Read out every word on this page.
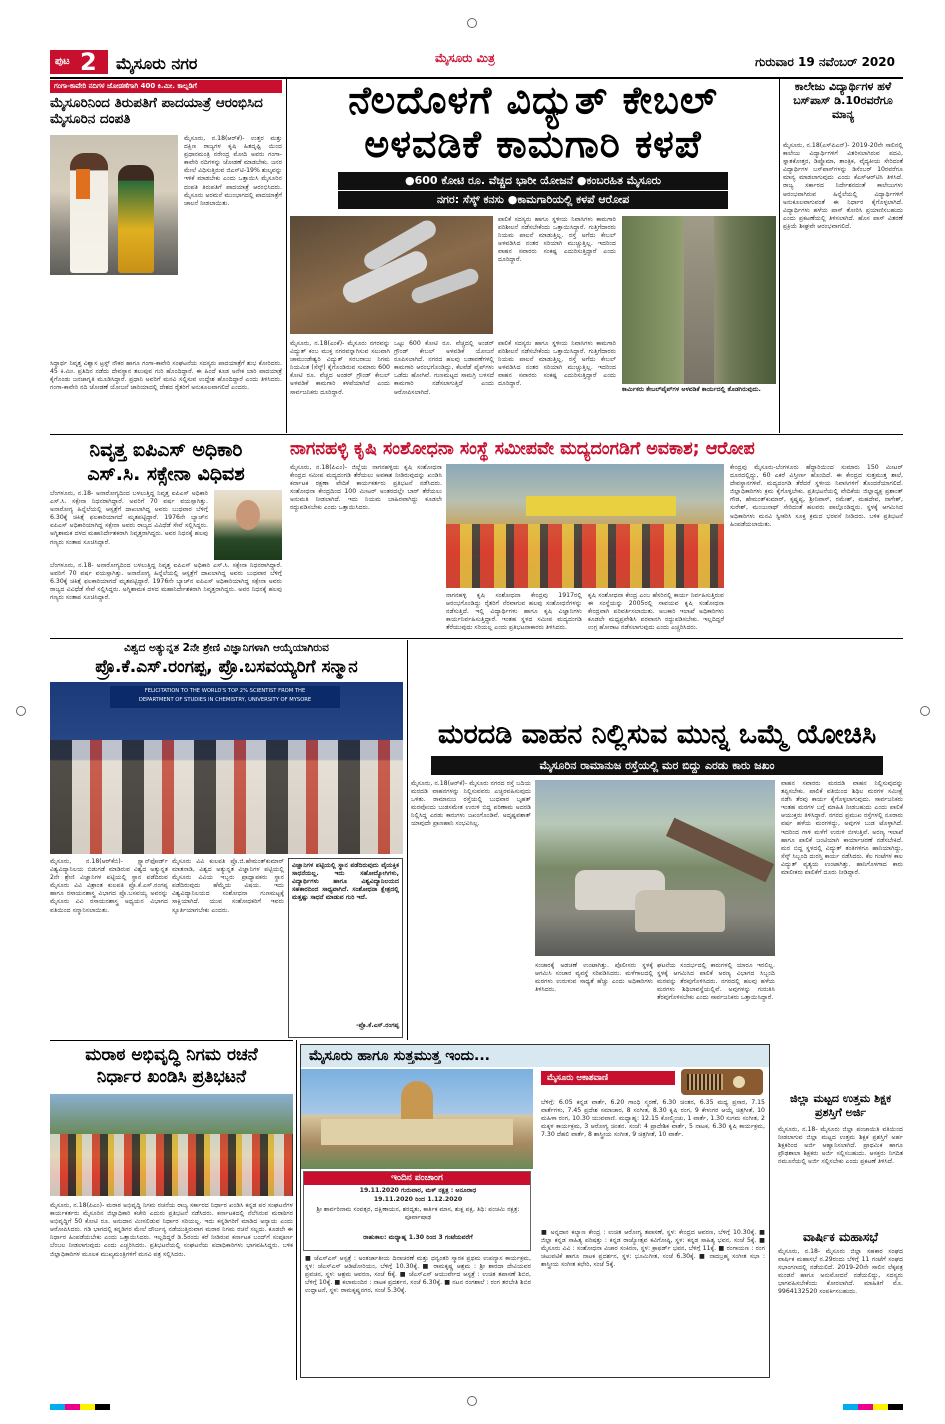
ಪುಟ 2 ಮೈಸೂರು ನಗರ	ಮೈಸೂರು ಮಿತ್ರ	ಗುರುವಾರ 19 ನವೆಂಬರ್ 2020
ಗಂಗಾ-ಕಾವೇರಿ ನದಿಗಳ ಜೋಡಣೆಗಾಗಿ 400 ಕಿ.ಮೀ. ಕಾಲ್ನಡಿಗೆ
ಮೈಸೂರಿನಿಂದ ತಿರುಪತಿಗೆ ಪಾದಯಾತ್ರೆ ಆರಂಭಿಸಿದ ಮೈಸೂರಿನ ದಂಪತಿ
ಮೈಸೂರು, ನ.18(ಆರ್‌ಕೆ)- ಉತ್ತರ ಮತ್ತು ದಕ್ಷಿಣ ರಾಜ್ಯಗಳ ಕೃಷಿ ಹಿತದೃಷ್ಟಿ ಯಿಂದ ಪ್ರಧಾನಮಂತ್ರಿ ನರೇಂದ್ರ ಮೋದಿ ಅವರು ಗಂಗಾ-ಕಾವೇರಿ ನದಿಗಳನ್ನು ಜೋಡಣೆ ಮಾಡಬೇಕು. ಜನರ ಮೇಲೆ ವಿಧಿಸುತ್ತಿರುವ ಜಿಎಸ್‌ಟಿ-19% ಶುಲ್ಕವನ್ನು ಇಳಿಕೆ ಮಾಡಬೇಕು ಎಂದು ಒತ್ತಾಯಿಸಿ ಮೈಸೂರಿನ ದಂಪತಿ ತಿರುಪತಿಗೆ ಪಾದಯಾತ್ರೆ ಆರಂಭಿಸಿದರು. ಮೈಸೂರು ಅರಮನೆ ಮುಂಭಾಗದಲ್ಲಿ ಪಾದಯಾತ್ರೆಗೆ ಚಾಲನೆ ನೀಡಲಾಯಿತು.
ಸಿದ್ದಾರ್ಥ ನಿವೃತ್ತ ವಿಶ್ವಾಸ ಟ್ರಸ್ಟ್ ನೌಕರ ಹಾಗೂ ಗಂಗಾ-ಕಾವೇರಿ ಸಂಘಟನೆಯ ಸದಸ್ಯರು ಪಾದಯಾತ್ರೆಗೆ ಶುಭ ಕೋರಿದರು. 45 ಕಿ.ಮೀ. ಪ್ರತಿದಿನ ನಡೆದು ದೇವಸ್ಥಾನ ತಲುಪುವ ಗುರಿ ಹೊಂದಿದ್ದಾರೆ. ಈ ಹಿಂದೆ ಕೂಡ ಅನೇಕ ಬಾರಿ ಪಾದಯಾತ್ರೆ ಕೈಗೊಂಡು ಜನಜಾಗೃತಿ ಮೂಡಿಸಿದ್ದಾರೆ. ಪ್ರಧಾನಿ ಅವರಿಗೆ ಮನವಿ ಸಲ್ಲಿಸುವ ಉದ್ದೇಶ ಹೊಂದಿದ್ದಾರೆ ಎಂದು ತಿಳಿಸಿದರು. ಗಂಗಾ-ಕಾವೇರಿ ನದಿ ಜೋಡಣೆ ಯೋಜನೆ ಜಾರಿಯಾದಲ್ಲಿ ದೇಶದ ರೈತರಿಗೆ ಅನುಕೂಲವಾಗಲಿದೆ ಎಂದರು.
ನೆಲದೊಳಗೆ ವಿದ್ಯುತ್ ಕೇಬಲ್
ಅಳವಡಿಕೆ ಕಾಮಗಾರಿ ಕಳಪೆ
●600 ಕೋಟಿ ರೂ. ವೆಚ್ಚದ ಭಾರೀ ಯೋಜನೆ ●ಕಂಬರಹಿತ ಮೈಸೂರು
ನಗರ: ಸೆಸ್ಕ್ ಕನಸು ●ಕಾಮಗಾರಿಯಲ್ಲಿ ಕಳಪೆ ಆರೋಪ
ಪಾಲಿಕೆ ಸದಸ್ಯರು ಹಾಗೂ ಸ್ಥಳೀಯ ನಿವಾಸಿಗಳು ಕಾಮಗಾರಿ ಪರಿಶೀಲನೆ ನಡೆಸಬೇಕೆಂದು ಒತ್ತಾಯಿಸಿದ್ದಾರೆ. ಗುತ್ತಿಗೆದಾರರು ನಿಯಮ ಪಾಲನೆ ಮಾಡುತ್ತಿಲ್ಲ. ರಸ್ತೆ ಅಗೆದು ಕೇಬಲ್ ಅಳವಡಿಸಿದ ನಂತರ ಸರಿಯಾಗಿ ಮುಚ್ಚುತ್ತಿಲ್ಲ. ಇದರಿಂದ ವಾಹನ ಸವಾರರು ಸಂಕಷ್ಟ ಎದುರಿಸುತ್ತಿದ್ದಾರೆ ಎಂದು ದೂರಿದ್ದಾರೆ.
ಮೈಸೂರು, ನ.18(ಎಂಕೆ)- ಮೈಸೂರು ನಗರವನ್ನು ವಿದ್ಯುತ್ ಕಂಬ ಮುಕ್ತ ನಗರವನ್ನಾಗಿಸುವ ಸಲುವಾಗಿ ಚಾಮುಂಡೇಶ್ವರಿ ವಿದ್ಯುತ್ ಸರಬರಾಜು ನಿಗಮ ನಿಯಮಿತ (ಸೆಸ್ಕ್) ಕೈಗೊಂಡಿರುವ ಸುಮಾರು 600 ಕೋಟಿ ರೂ. ವೆಚ್ಚದ ಅಂಡರ್ ಗ್ರೌಂಡ್ ಕೇಬಲ್ ಅಳವಡಿಕೆ ಕಾಮಗಾರಿ ಕಳಪೆಯಾಗಿದೆ ಎಂದು ಸಾರ್ವಜನಿಕರು ದೂರಿದ್ದಾರೆ.
ಒಟ್ಟು 600 ಕೋಟಿ ರೂ. ವೆಚ್ಚದಲ್ಲಿ ಅಂಡರ್ ಗ್ರೌಂಡ್ ಕೇಬಲ್ ಅಳವಡಿಕೆ ಯೋಜನೆ ರೂಪಿಸಲಾಗಿದೆ. ನಗರದ ಹಲವು ಬಡಾವಣೆಗಳಲ್ಲಿ ಕಾಮಗಾರಿ ಆರಂಭಗೊಂಡಿದ್ದು, ಕೆಲವೆಡೆ ಪೈಪ್‌ಗಳು ಒಡೆದು ಹೋಗಿವೆ. ಗುಣಮಟ್ಟದ ಸಾಮಗ್ರಿ ಬಳಸದೆ ಕಾಮಗಾರಿ ನಡೆಸಲಾಗುತ್ತಿದೆ ಎಂದು ಆರೋಪಿಸಲಾಗಿದೆ.
ಪಾಲಿಕೆ ಸದಸ್ಯರು ಹಾಗೂ ಸ್ಥಳೀಯ ನಿವಾಸಿಗಳು ಕಾಮಗಾರಿ ಪರಿಶೀಲನೆ ನಡೆಸಬೇಕೆಂದು ಒತ್ತಾಯಿಸಿದ್ದಾರೆ. ಗುತ್ತಿಗೆದಾರರು ನಿಯಮ ಪಾಲನೆ ಮಾಡುತ್ತಿಲ್ಲ. ರಸ್ತೆ ಅಗೆದು ಕೇಬಲ್ ಅಳವಡಿಸಿದ ನಂತರ ಸರಿಯಾಗಿ ಮುಚ್ಚುತ್ತಿಲ್ಲ. ಇದರಿಂದ ವಾಹನ ಸವಾರರು ಸಂಕಷ್ಟ ಎದುರಿಸುತ್ತಿದ್ದಾರೆ ಎಂದು ದೂರಿದ್ದಾರೆ.
ಕಾರ್ಮಿಕರು ಕೇಬಲ್‌ಪೈಪ್‌ಗಳ ಅಳವಡಿಕೆ ಕಾರ್ಯದಲ್ಲಿ ತೊಡಗಿರುವುದು.
ಕಾಲೇಜು ವಿದ್ಯಾರ್ಥಿಗಳ ಹಳೆ ಬಸ್‌ಪಾಸ್ ಡಿ.10ರವರೆಗೂ ಮಾನ್ಯ
ಮೈಸೂರು, ನ.18(ಎಸ್‌ಪಿಎನ್)- 2019-20ನೇ ಸಾಲಿನಲ್ಲಿ ಕಾಲೇಜು ವಿದ್ಯಾರ್ಥಿಗಳಿಗೆ ವಿತರಿಸಲಾಗಿರುವ ಪದವಿ, ಸ್ನಾತಕೋತ್ತರ, ಡಿಪ್ಲೊಮಾ, ತಾಂತ್ರಿಕ, ವೈದ್ಯಕೀಯ ಸೇರಿದಂತೆ ವಿದ್ಯಾರ್ಥಿಗಳ ಬಸ್‌ಪಾಸ್‌ಗಳನ್ನು ಡಿಸೆಂಬರ್ 10ರವರೆಗೂ ಮಾನ್ಯ ಮಾಡಲಾಗುವುದು ಎಂದು ಕೆಎಸ್‌ಆರ್‌ಟಿಸಿ ತಿಳಿಸಿದೆ. ರಾಜ್ಯ ಸರ್ಕಾರದ ನಿರ್ದೇಶನದಂತೆ ಕಾಲೇಜುಗಳು ಆರಂಭವಾಗಿರುವ ಹಿನ್ನೆಲೆಯಲ್ಲಿ ವಿದ್ಯಾರ್ಥಿಗಳಿಗೆ ಅನುಕೂಲವಾಗುವಂತೆ ಈ ನಿರ್ಧಾರ ಕೈಗೊಳ್ಳಲಾಗಿದೆ. ವಿದ್ಯಾರ್ಥಿಗಳು ಹಳೆಯ ಪಾಸ್ ತೋರಿಸಿ ಪ್ರಯಾಣಿಸಬಹುದು ಎಂದು ಪ್ರಕಟಣೆಯಲ್ಲಿ ತಿಳಿಸಲಾಗಿದೆ. ಹೊಸ ಪಾಸ್ ವಿತರಣೆ ಪ್ರಕ್ರಿಯೆ ಶೀಘ್ರವೇ ಆರಂಭವಾಗಲಿದೆ.
ನಿವೃತ್ತ ಐಪಿಎಸ್ ಅಧಿಕಾರಿ
ಎಸ್.ಸಿ. ಸಕ್ಸೇನಾ ವಿಧಿವಶ
ಬೆಂಗಳೂರು, ನ.18- ಅನಾರೋಗ್ಯದಿಂದ ಬಳಲುತ್ತಿದ್ದ ನಿವೃತ್ತ ಐಪಿಎಸ್ ಅಧಿಕಾರಿ ಎಸ್.ಸಿ. ಸಕ್ಸೇನಾ ನಿಧನರಾಗಿದ್ದಾರೆ. ಅವರಿಗೆ 70 ವರ್ಷ ವಯಸ್ಸಾಗಿತ್ತು. ಅನಾರೋಗ್ಯ ಹಿನ್ನೆಲೆಯಲ್ಲಿ ಆಸ್ಪತ್ರೆಗೆ ದಾಖಲಾಗಿದ್ದ ಅವರು ಬುಧವಾರ ಬೆಳಿಗ್ಗೆ 6.30ಕ್ಕೆ ಚಿಕಿತ್ಸೆ ಫಲಕಾರಿಯಾಗದೆ ಮೃತಪಟ್ಟಿದ್ದಾರೆ. 1976ನೇ ಬ್ಯಾಚ್‌ನ ಐಪಿಎಸ್ ಅಧಿಕಾರಿಯಾಗಿದ್ದ ಸಕ್ಸೇನಾ ಅವರು ರಾಜ್ಯದ ವಿವಿಧೆಡೆ ಸೇವೆ ಸಲ್ಲಿಸಿದ್ದರು. ಅಗ್ನಿಶಾಮಕ ದಳದ ಮಹಾನಿರ್ದೇಶಕರಾಗಿ ನಿವೃತ್ತರಾಗಿದ್ದರು. ಅವರ ನಿಧನಕ್ಕೆ ಹಲವು ಗಣ್ಯರು ಸಂತಾಪ ಸೂಚಿಸಿದ್ದಾರೆ.
ಬೆಂಗಳೂರು, ನ.18- ಅನಾರೋಗ್ಯದಿಂದ ಬಳಲುತ್ತಿದ್ದ ನಿವೃತ್ತ ಐಪಿಎಸ್ ಅಧಿಕಾರಿ ಎಸ್.ಸಿ. ಸಕ್ಸೇನಾ ನಿಧನರಾಗಿದ್ದಾರೆ. ಅವರಿಗೆ 70 ವರ್ಷ ವಯಸ್ಸಾಗಿತ್ತು. ಅನಾರೋಗ್ಯ ಹಿನ್ನೆಲೆಯಲ್ಲಿ ಆಸ್ಪತ್ರೆಗೆ ದಾಖಲಾಗಿದ್ದ ಅವರು ಬುಧವಾರ ಬೆಳಿಗ್ಗೆ 6.30ಕ್ಕೆ ಚಿಕಿತ್ಸೆ ಫಲಕಾರಿಯಾಗದೆ ಮೃತಪಟ್ಟಿದ್ದಾರೆ. 1976ನೇ ಬ್ಯಾಚ್‌ನ ಐಪಿಎಸ್ ಅಧಿಕಾರಿಯಾಗಿದ್ದ ಸಕ್ಸೇನಾ ಅವರು ರಾಜ್ಯದ ವಿವಿಧೆಡೆ ಸೇವೆ ಸಲ್ಲಿಸಿದ್ದರು. ಅಗ್ನಿಶಾಮಕ ದಳದ ಮಹಾನಿರ್ದೇಶಕರಾಗಿ ನಿವೃತ್ತರಾಗಿದ್ದರು. ಅವರ ನಿಧನಕ್ಕೆ ಹಲವು ಗಣ್ಯರು ಸಂತಾಪ ಸೂಚಿಸಿದ್ದಾರೆ.
ನಾಗನಹಳ್ಳಿ ಕೃಷಿ ಸಂಶೋಧನಾ ಸಂಸ್ಥೆ ಸಮೀಪವೇ ಮದ್ಯದಂಗಡಿಗೆ ಅವಕಾಶ; ಆರೋಪ
ಮೈಸೂರು, ನ.18(ಪಿಎಂ)- ಜಿಲ್ಲೆಯ ನಾಗನಹಳ್ಳಿಯ ಕೃಷಿ ಸಂಶೋಧನಾ ಕೇಂದ್ರದ ಸಮೀಪ ಮದ್ಯದಂಗಡಿ ತೆರೆಯಲು ಅವಕಾಶ ನೀಡಿರುವುದನ್ನು ಖಂಡಿಸಿ ಕರ್ನಾಟಕ ರಕ್ಷಣಾ ವೇದಿಕೆ ಕಾರ್ಯಕರ್ತರು ಪ್ರತಿಭಟನೆ ನಡೆಸಿದರು. ಸಂಶೋಧನಾ ಕೇಂದ್ರದಿಂದ 100 ಮೀಟರ್ ಅಂತರದಲ್ಲೇ ಬಾರ್ ತೆರೆಯಲು ಅನುಮತಿ ನೀಡಲಾಗಿದೆ. ಇದು ನಿಯಮ ಬಾಹಿರವಾಗಿದ್ದು ಕೂಡಲೇ ರದ್ದುಪಡಿಸಬೇಕು ಎಂದು ಒತ್ತಾಯಿಸಿದರು.
ನಾಗನಹಳ್ಳಿ ಕೃಷಿ ಸಂಶೋಧನಾ ಕೇಂದ್ರವು 1917ರಲ್ಲಿ ಆರಂಭಗೊಂಡಿದ್ದು ರೈತರಿಗೆ ನೆರವಾಗುವ ಹಲವು ಸಂಶೋಧನೆಗಳನ್ನು ನಡೆಸುತ್ತಿದೆ. ಇಲ್ಲಿ ವಿದ್ಯಾರ್ಥಿಗಳು ಹಾಗೂ ಕೃಷಿ ವಿಜ್ಞಾನಿಗಳು ಕಾರ್ಯನಿರ್ವಹಿಸುತ್ತಿದ್ದಾರೆ. ಇಂತಹ ಸ್ಥಳದ ಸಮೀಪ ಮದ್ಯದಂಗಡಿ ತೆರೆಯುವುದು ಸರಿಯಲ್ಲ ಎಂದು ಪ್ರತಿಭಟನಾಕಾರರು ತಿಳಿಸಿದರು.
ಕೃಷಿ ಸಂಶೋಧನಾ ಕೇಂದ್ರ ಎಂಬ ಹೆಸರಿನಲ್ಲಿ ಕಾರ್ಯ ನಿರ್ವಹಿಸುತ್ತಿರುವ ಈ ಸಂಸ್ಥೆಯನ್ನು 2005ರಲ್ಲಿ ಸಾವಯವ ಕೃಷಿ ಸಂಶೋಧನಾ ಕೇಂದ್ರವಾಗಿ ಪರಿವರ್ತಿಸಲಾಯಿತು. ಅಬಕಾರಿ ಇಲಾಖೆ ಅಧಿಕಾರಿಗಳು ಕೂಡಲೇ ಮಧ್ಯಪ್ರವೇಶಿಸಿ ಪರವಾನಗಿ ರದ್ದುಪಡಿಸಬೇಕು. ಇಲ್ಲದಿದ್ದರೆ ಉಗ್ರ ಹೋರಾಟ ನಡೆಸಲಾಗುವುದು ಎಂದು ಎಚ್ಚರಿಸಿದರು.
ಕೇಂದ್ರವು ಮೈಸೂರು-ಬೆಂಗಳೂರು ಹೆದ್ದಾರಿಯಿಂದ ಸುಮಾರು 150 ಮೀಟರ್ ದೂರದಲ್ಲಿದ್ದು, 60 ಎಕರೆ ವಿಸ್ತೀರ್ಣ ಹೊಂದಿದೆ. ಈ ಕೇಂದ್ರದ ಸುತ್ತಮುತ್ತ ಶಾಲೆ, ದೇವಸ್ಥಾನಗಳಿವೆ. ಮದ್ಯದಂಗಡಿ ತೆರೆದರೆ ಸ್ಥಳೀಯ ನಿವಾಸಿಗಳಿಗೆ ತೊಂದರೆಯಾಗಲಿದೆ. ಜಿಲ್ಲಾಧಿಕಾರಿಗಳು ಕ್ರಮ ಕೈಗೊಳ್ಳಬೇಕು. ಪ್ರತಿಭಟನೆಯಲ್ಲಿ ವೇದಿಕೆಯ ಜಿಲ್ಲಾಧ್ಯಕ್ಷ ಪ್ರಶಾಂತ್ ಗೌಡ, ಹೇಮಂತ್‌ಕುಮಾರ್, ಕೃಷ್ಣಪ್ಪ, ಶ್ರೀನಿವಾಸ್, ರಮೇಶ್, ಮಹದೇವ, ನಾಗೇಶ್, ಸುರೇಶ್, ಮಂಜುನಾಥ್ ಸೇರಿದಂತೆ ಹಲವರು ಪಾಲ್ಗೊಂಡಿದ್ದರು. ಸ್ಥಳಕ್ಕೆ ಆಗಮಿಸಿದ ಅಧಿಕಾರಿಗಳು ಮನವಿ ಸ್ವೀಕರಿಸಿ ಸೂಕ್ತ ಕ್ರಮದ ಭರವಸೆ ನೀಡಿದರು. ಬಳಿಕ ಪ್ರತಿಭಟನೆ ಹಿಂಪಡೆಯಲಾಯಿತು.
ವಿಶ್ವದ ಅತ್ಯುನ್ನತ 2ನೇ ಶ್ರೇಣಿ ವಿಜ್ಞಾನಿಗಳಾಗಿ ಆಯ್ಕೆಯಾಗಿರುವ
ಪ್ರೊ.ಕೆ.ಎಸ್.ರಂಗಪ್ಪ, ಪ್ರೊ.ಬಸವಯ್ಯರಿಗೆ ಸನ್ಮಾನ
FELICITATION TO THE WORLD'S TOP 2% SCIENTIST FROM THE
DEPARTMENT OF STUDIES IN CHEMISTRY, UNIVERSITY OF MYSORE
ಮೈಸೂರು, ನ.18(ಆರ್‌ಕೆಬಿ)- ಸ್ಟ್ಯಾನ್‌ಫೋರ್ಡ್ ವಿಶ್ವವಿದ್ಯಾನಿಲಯ ಬಿಡುಗಡೆ ಮಾಡಿರುವ ವಿಶ್ವದ ಅತ್ಯುನ್ನತ 2ನೇ ಶ್ರೇಣಿ ವಿಜ್ಞಾನಿಗಳ ಪಟ್ಟಿಯಲ್ಲಿ ಸ್ಥಾನ ಪಡೆದಿರುವ ಮೈಸೂರು ವಿವಿ ವಿಶ್ರಾಂತ ಕುಲಪತಿ ಪ್ರೊ.ಕೆ.ಎಸ್.ರಂಗಪ್ಪ ಹಾಗೂ ರಸಾಯನಶಾಸ್ತ್ರ ವಿಭಾಗದ ಪ್ರೊ.ಬಸವಯ್ಯ ಅವರನ್ನು ಮೈಸೂರು ವಿವಿ ರಸಾಯನಶಾಸ್ತ್ರ ಅಧ್ಯಯನ ವಿಭಾಗದ ವತಿಯಿಂದ ಸನ್ಮಾನಿಸಲಾಯಿತು.
ಮೈಸೂರು ವಿವಿ ಕುಲಪತಿ ಪ್ರೊ.ಜಿ.ಹೇಮಂತ್‌ಕುಮಾರ್ ಮಾತನಾಡಿ, ವಿಶ್ವದ ಅತ್ಯುನ್ನತ ವಿಜ್ಞಾನಿಗಳ ಪಟ್ಟಿಯಲ್ಲಿ ಮೈಸೂರು ವಿವಿಯ ಇಬ್ಬರು ಪ್ರಾಧ್ಯಾಪಕರು ಸ್ಥಾನ ಪಡೆದಿರುವುದು ಹೆಮ್ಮೆಯ ವಿಷಯ. ಇದು ವಿಶ್ವವಿದ್ಯಾನಿಲಯದ ಸಂಶೋಧನಾ ಗುಣಮಟ್ಟಕ್ಕೆ ಸಾಕ್ಷಿಯಾಗಿದೆ. ಯುವ ಸಂಶೋಧಕರಿಗೆ ಇವರು ಸ್ಫೂರ್ತಿಯಾಗಬೇಕು ಎಂದರು.
ವಿಜ್ಞಾನಿಗಳ ಪಟ್ಟಿಯಲ್ಲಿ ಸ್ಥಾನ ಪಡೆದಿರುವುದು ವೈಯಕ್ತಿಕ ಸಾಧನೆಯಲ್ಲ. ಇದು ಸಹೋದ್ಯೋಗಿಗಳು, ವಿದ್ಯಾರ್ಥಿಗಳು ಹಾಗೂ ವಿಶ್ವವಿದ್ಯಾನಿಲಯದ ಸಹಕಾರದಿಂದ ಸಾಧ್ಯವಾಗಿದೆ. ಸಂಶೋಧನಾ ಕ್ಷೇತ್ರದಲ್ಲಿ ಮತ್ತಷ್ಟು ಸಾಧನೆ ಮಾಡುವ ಗುರಿ ಇದೆ.
-ಪ್ರೊ.ಕೆ.ಎಸ್.ರಂಗಪ್ಪ
ಮರದಡಿ ವಾಹನ ನಿಲ್ಲಿಸುವ ಮುನ್ನ ಒಮ್ಮೆ ಯೋಚಿಸಿ
ಮೈಸೂರಿನ ರಾಮಾನುಜ ರಸ್ತೆಯಲ್ಲಿ ಮರ ಬಿದ್ದು ಎರಡು ಕಾರು ಜಖಂ
ಮೈಸೂರು, ನ.18(ಆರ್‌ಕೆ)- ಮೈಸೂರು ನಗರದ ರಸ್ತೆ ಬದಿಯ ಮರದಡಿ ವಾಹನಗಳನ್ನು ನಿಲ್ಲಿಸುವವರು ಎಚ್ಚರವಹಿಸುವುದು ಒಳಿತು. ರಾಮಾನುಜ ರಸ್ತೆಯಲ್ಲಿ ಬುಧವಾರ ಬೃಹತ್ ಮರವೊಂದು ಬುಡಸಮೇತ ಉರುಳಿ ಬಿದ್ದ ಪರಿಣಾಮ ಅದರಡಿ ನಿಲ್ಲಿಸಿದ್ದ ಎರಡು ಕಾರುಗಳು ಜಖಂಗೊಂಡಿವೆ. ಅದೃಷ್ಟವಶಾತ್ ಯಾವುದೇ ಪ್ರಾಣಹಾನಿ ಸಂಭವಿಸಿಲ್ಲ.
ಸಂಚಾರಕ್ಕೆ ಅಡಚಣೆ ಉಂಟಾಗಿತ್ತು. ಪೊಲೀಸರು ಸ್ಥಳಕ್ಕೆ ಆಗಮಿಸಿ ಸಂಚಾರ ವ್ಯವಸ್ಥೆ ಸರಿಪಡಿಸಿದರು. ಮಳೆಗಾಲದಲ್ಲಿ ಮರಗಳು ಉರುಳುವ ಸಾಧ್ಯತೆ ಹೆಚ್ಚು ಎಂದು ಅಧಿಕಾರಿಗಳು ತಿಳಿಸಿದರು.
ಘಟನೆಯ ಸಂದರ್ಭದಲ್ಲಿ ಕಾರುಗಳಲ್ಲಿ ಯಾರೂ ಇರಲಿಲ್ಲ. ಸ್ಥಳಕ್ಕೆ ಆಗಮಿಸಿದ ಪಾಲಿಕೆ ಅರಣ್ಯ ವಿಭಾಗದ ಸಿಬ್ಬಂದಿ ಮರವನ್ನು ತೆರವುಗೊಳಿಸಿದರು. ನಗರದಲ್ಲಿ ಹಲವು ಹಳೆಯ ಮರಗಳು ಶಿಥಿಲಾವಸ್ಥೆಯಲ್ಲಿವೆ. ಅವುಗಳನ್ನು ಗುರುತಿಸಿ ತೆರವುಗೊಳಿಸಬೇಕು ಎಂದು ಸಾರ್ವಜನಿಕರು ಒತ್ತಾಯಿಸಿದ್ದಾರೆ.
ವಾಹನ ಸವಾರರು ಮರದಡಿ ವಾಹನ ನಿಲ್ಲಿಸುವುದನ್ನು ತಪ್ಪಿಸಬೇಕು. ಪಾಲಿಕೆ ವತಿಯಿಂದ ಶಿಥಿಲ ಮರಗಳ ಸಮೀಕ್ಷೆ ನಡೆಸಿ ತೆರವು ಕಾರ್ಯ ಕೈಗೊಳ್ಳಲಾಗುವುದು. ಸಾರ್ವಜನಿಕರು ಇಂತಹ ಮರಗಳ ಬಗ್ಗೆ ಮಾಹಿತಿ ನೀಡಬಹುದು ಎಂದು ಪಾಲಿಕೆ ಆಯುಕ್ತರು ತಿಳಿಸಿದ್ದಾರೆ. ನಗರದ ಪ್ರಮುಖ ರಸ್ತೆಗಳಲ್ಲಿ ನೂರಾರು ವರ್ಷ ಹಳೆಯ ಮರಗಳಿದ್ದು, ಅವುಗಳ ಬುಡ ಟೊಳ್ಳಾಗಿದೆ. ಇದರಿಂದ ಗಾಳಿ ಮಳೆಗೆ ಉರುಳಿ ಬೀಳುತ್ತಿವೆ. ಅರಣ್ಯ ಇಲಾಖೆ ಹಾಗೂ ಪಾಲಿಕೆ ಜಂಟಿಯಾಗಿ ಕಾರ್ಯಾಚರಣೆ ನಡೆಸಬೇಕಿದೆ. ಮರ ಬಿದ್ದ ಸ್ಥಳದಲ್ಲಿ ವಿದ್ಯುತ್ ತಂತಿಗಳಿಗೂ ಹಾನಿಯಾಗಿದ್ದು, ಸೆಸ್ಕ್ ಸಿಬ್ಬಂದಿ ದುರಸ್ತಿ ಕಾರ್ಯ ನಡೆಸಿದರು. ಕೆಲ ಗಂಟೆಗಳ ಕಾಲ ವಿದ್ಯುತ್ ವ್ಯತ್ಯಯ ಉಂಟಾಗಿತ್ತು. ಹಾನಿಗೊಳಗಾದ ಕಾರು ಮಾಲೀಕರು ಪಾಲಿಕೆಗೆ ದೂರು ನೀಡಿದ್ದಾರೆ.
ಮರಾಠ ಅಭಿವೃದ್ಧಿ ನಿಗಮ ರಚನೆ
ನಿರ್ಧಾರ ಖಂಡಿಸಿ ಪ್ರತಿಭಟನೆ
ಮೈಸೂರು, ನ.18(ಪಿಎಂ)- ಮರಾಠ ಅಭಿವೃದ್ಧಿ ನಿಗಮ ರಚನೆಯ ರಾಜ್ಯ ಸರ್ಕಾರದ ನಿರ್ಧಾರ ಖಂಡಿಸಿ ಕನ್ನಡ ಪರ ಸಂಘಟನೆಗಳ ಕಾರ್ಯಕರ್ತರು ಮೈಸೂರಿನ ಜಿಲ್ಲಾಧಿಕಾರಿ ಕಚೇರಿ ಎದುರು ಪ್ರತಿಭಟನೆ ನಡೆಸಿದರು. ಕರ್ನಾಟಕದಲ್ಲಿ ನೆಲೆಸಿರುವ ಮರಾಠಿಗರ ಅಭಿವೃದ್ಧಿಗೆ 50 ಕೋಟಿ ರೂ. ಅನುದಾನ ಮೀಸಲಿಡುವ ನಿರ್ಧಾರ ಸರಿಯಲ್ಲ. ಇದು ಕನ್ನಡಿಗರಿಗೆ ಮಾಡಿದ ಅನ್ಯಾಯ ಎಂದು ಆರೋಪಿಸಿದರು. ಗಡಿ ಭಾಗದಲ್ಲಿ ಕನ್ನಡಿಗರ ಮೇಲೆ ದೌರ್ಜನ್ಯ ನಡೆಯುತ್ತಿರುವಾಗ ಮರಾಠ ನಿಗಮ ರಚನೆ ಸಲ್ಲದು. ಕೂಡಲೇ ಈ ನಿರ್ಧಾರ ಹಿಂಪಡೆಯಬೇಕು ಎಂದು ಒತ್ತಾಯಿಸಿದರು. ಇಲ್ಲದಿದ್ದರೆ ಡಿ.5ರಂದು ಕರೆ ನೀಡಿರುವ ಕರ್ನಾಟಕ ಬಂದ್‌ಗೆ ಸಂಪೂರ್ಣ ಬೆಂಬಲ ನೀಡಲಾಗುವುದು ಎಂದು ಎಚ್ಚರಿಸಿದರು. ಪ್ರತಿಭಟನೆಯಲ್ಲಿ ಸಂಘಟನೆಯ ಪದಾಧಿಕಾರಿಗಳು ಭಾಗವಹಿಸಿದ್ದರು. ಬಳಿಕ ಜಿಲ್ಲಾಧಿಕಾರಿಗಳ ಮೂಲಕ ಮುಖ್ಯಮಂತ್ರಿಗಳಿಗೆ ಮನವಿ ಪತ್ರ ಸಲ್ಲಿಸಿದರು.
ಮೈಸೂರು ಹಾಗೂ ಸುತ್ತಮುತ್ತ ಇಂದು...
ಇಂದಿನ ಪಂಚಾಂಗ
19.11.2020 ಗುರುವಾರ, ಮಕ್ ನಕ್ಷತ್ರ : ಅನೂರಾಧ
19.11.2020 ರಿಂದ 1.12.2020
ಶ್ರೀ ಶಾರ್ವರಿನಾಮ ಸಂವತ್ಸರ, ದಕ್ಷಿಣಾಯನ, ಶರದೃತು, ಕಾರ್ತಿಕ ಮಾಸ, ಶುಕ್ಲ ಪಕ್ಷ, ತಿಥಿ: ಪಂಚಮಿ ನಕ್ಷತ್ರ: ಪೂರ್ವಾಷಾಢ
ರಾಹುಕಾಲ: ಮಧ್ಯಾಹ್ನ 1.30 ರಿಂದ 3 ಗಂಟೆಯವರೆಗೆ
■ ಜೆಎಸ್‌ಎಸ್ ಆಸ್ಪತ್ರೆ : ಅಂತರ್ಜಾತೀಯ ದಿನಾಚರಣೆ ಮತ್ತು ಧನ್ವಂತರಿ ಸ್ಮಾರಕ ಪ್ರಥಮ ಉಪನ್ಯಾಸ ಕಾರ್ಯಕ್ರಮ, ಸ್ಥಳ: ಜೆಎಸ್‌ಎಸ್ ಆಡಿಟೋರಿಯಂ, ಬೆಳಿಗ್ಗೆ 10.30ಕ್ಕೆ. ■ ರಾಮಕೃಷ್ಣ ಆಶ್ರಮ : ಶ್ರೀ ಶಾರದಾ ದೇವಿಯವರ ಪ್ರವಚನ, ಸ್ಥಳ: ಆಶ್ರಮ ಆವರಣ, ಸಂಜೆ 6ಕ್ಕೆ. ■ ಜೆಎಸ್‌ಎಸ್ ಆಯುರ್ವೇದ ಆಸ್ಪತ್ರೆ : ಉಚಿತ ತಪಾಸಣೆ ಶಿಬಿರ, ಬೆಳಿಗ್ಗೆ 10ಕ್ಕೆ. ■ ಕಲಾಮಂದಿರ : ನಾಟಕ ಪ್ರದರ್ಶನ, ಸಂಜೆ 6.30ಕ್ಕೆ. ■ ನಟನ ರಂಗಶಾಲೆ : ರಂಗ ತರಬೇತಿ ಶಿಬಿರ ಉದ್ಘಾಟನೆ, ಸ್ಥಳ: ರಾಮಕೃಷ್ಣನಗರ, ಸಂಜೆ 5.30ಕ್ಕೆ.
ಮೈಸೂರು ಆಕಾಶವಾಣಿ
ಬೆಳಿಗ್ಗೆ: 6.05 ಕನ್ನಡ ವಾರ್ತೆ, 6.20 ಗಾಂಧಿ ಸ್ಮರಣೆ, 6.30 ಚಿಂತನ, 6.35 ಮಧ್ಯ ಪ್ರಸಾರ, 7.15 ವಾರ್ತೆಗಳು, 7.45 ಪ್ರದೇಶ ಸಮಾಚಾರ, 8 ಸಂಗೀತ, 8.30 ಕೃಷಿ ರಂಗ, 9 ಕೇಳುಗರ ಆಯ್ಕೆ ಚಿತ್ರಗೀತೆ, 10 ಮಹಿಳಾ ರಂಗ, 10.30 ಯುವವಾಣಿ. ಮಧ್ಯಾಹ್ನ: 12.15 ಕೋಲ್ಮಿಂಚು, 1 ವಾರ್ತೆ, 1.30 ಸುಗಮ ಸಂಗೀತ, 2 ಮಕ್ಕಳ ಕಾರ್ಯಕ್ರಮ, 3 ಆರೋಗ್ಯ ಚಿಂತನ. ಸಂಜೆ: 4 ಪ್ರಾದೇಶಿಕ ವಾರ್ತೆ, 5 ನಾಟಕ, 6.30 ಕೃಷಿ ಕಾರ್ಯಕ್ರಮ, 7.30 ದೆಹಲಿ ವಾರ್ತೆ, 8 ಶಾಸ್ತ್ರೀಯ ಸಂಗೀತ, 9 ಚಿತ್ರಗೀತೆ, 10 ವಾರ್ತೆ.
■ ಅನ್ನದಾನ ಕಲ್ಯಾಣ ಕೇಂದ್ರ : ಉಚಿತ ಆರೋಗ್ಯ ತಪಾಸಣೆ, ಸ್ಥಳ: ಕೇಂದ್ರದ ಆವರಣ, ಬೆಳಿಗ್ಗೆ 10.30ಕ್ಕೆ. ■ ಜಿಲ್ಲಾ ಕನ್ನಡ ಸಾಹಿತ್ಯ ಪರಿಷತ್ತು : ಕನ್ನಡ ರಾಜ್ಯೋತ್ಸವ ಕವಿಗೋಷ್ಠಿ, ಸ್ಥಳ: ಕನ್ನಡ ಸಾಹಿತ್ಯ ಭವನ, ಸಂಜೆ 5ಕ್ಕೆ. ■ ಮೈಸೂರು ವಿವಿ : ಸಂಶೋಧನಾ ವಿಚಾರ ಸಂಕಿರಣ, ಸ್ಥಳ: ಕ್ರಾಫರ್ಡ್ ಭವನ, ಬೆಳಿಗ್ಗೆ 11ಕ್ಕೆ. ■ ರಂಗಾಯಣ : ರಂಗ ಚಟುವಟಿಕೆ ಹಾಗೂ ನಾಟಕ ಪ್ರದರ್ಶನ, ಸ್ಥಳ: ಭೂಮಿಗೀತ, ಸಂಜೆ 6.30ಕ್ಕೆ. ■ ನಾದಬ್ರಹ್ಮ ಸಂಗೀತ ಸಭಾ : ಶಾಸ್ತ್ರೀಯ ಸಂಗೀತ ಕಛೇರಿ, ಸಂಜೆ 5ಕ್ಕೆ.
ಜಿಲ್ಲಾ ಮಟ್ಟದ ಉತ್ತಮ ಶಿಕ್ಷಕ ಪ್ರಶಸ್ತಿಗೆ ಅರ್ಜಿ
ಮೈಸೂರು, ನ.18- ಮೈಸೂರು ಜಿಲ್ಲಾ ಪಂಚಾಯಿತಿ ವತಿಯಿಂದ ನೀಡಲಾಗುವ ಜಿಲ್ಲಾ ಮಟ್ಟದ ಉತ್ತಮ ಶಿಕ್ಷಕ ಪ್ರಶಸ್ತಿಗೆ ಅರ್ಹ ಶಿಕ್ಷಕರಿಂದ ಅರ್ಜಿ ಆಹ್ವಾನಿಸಲಾಗಿದೆ. ಪ್ರಾಥಮಿಕ ಹಾಗೂ ಪ್ರೌಢಶಾಲಾ ಶಿಕ್ಷಕರು ಅರ್ಜಿ ಸಲ್ಲಿಸಬಹುದು. ಆಸಕ್ತರು ನಿಗದಿತ ನಮೂನೆಯಲ್ಲಿ ಅರ್ಜಿ ಸಲ್ಲಿಸಬೇಕು ಎಂದು ಪ್ರಕಟಣೆ ತಿಳಿಸಿದೆ.
ವಾರ್ಷಿಕ ಮಹಾಸಭೆ
ಮೈಸೂರು, ನ.18- ಮೈಸೂರು ಜಿಲ್ಲಾ ಸಹಕಾರ ಸಂಘದ ವಾರ್ಷಿಕ ಮಹಾಸಭೆ ನ.29ರಂದು ಬೆಳಿಗ್ಗೆ 11 ಗಂಟೆಗೆ ಸಂಘದ ಸಭಾಂಗಣದಲ್ಲಿ ನಡೆಯಲಿದೆ. 2019-20ನೇ ಸಾಲಿನ ಲೆಕ್ಕಪತ್ರ ಮಂಡನೆ ಹಾಗೂ ಅನುಮೋದನೆ ನಡೆಯಲಿದ್ದು, ಸದಸ್ಯರು ಭಾಗವಹಿಸಬೇಕೆಂದು ಕೋರಲಾಗಿದೆ. ಮಾಹಿತಿಗೆ ಮೊ. 9964132520 ಸಂಪರ್ಕಿಸಬಹುದು.
